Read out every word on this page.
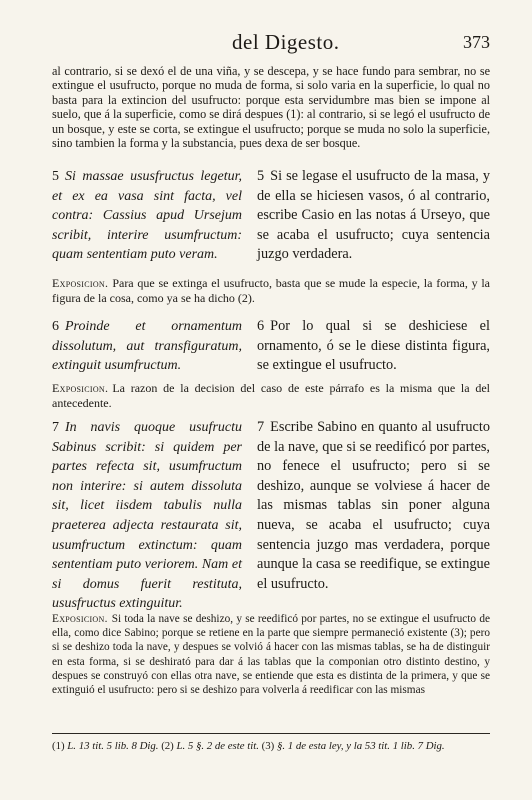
del Digesto.	373
al contrario, si se dexó el de una viña, y se descepa, y se hace fundo para sembrar, no se extingue el usufructo, porque no muda de forma, si solo varia en la superficie, lo qual no basta para la extincion del usufructo: porque esta servidumbre mas bien se impone al suelo, que á la superficie, como se dirá despues (1): al contrario, si se legó el usufructo de un bosque, y este se corta, se extingue el usufructo; porque se muda no solo la superficie, sino tambien la forma y la substancia, pues dexa de ser bosque.
5 Si massae ususfructus legetur, et ex ea vasa sint facta, vel contra: Cassius apud Ursejum scribit, interire usumfructum: quam sententiam puto veram.
5 Si se legase el usufructo de la masa, y de ella se hiciesen vasos, ó al contrario, escribe Casio en las notas á Urseyo, que se acaba el usufructo; cuya sentencia juzgo verdadera.
Exposicion. Para que se extinga el usufructo, basta que se mude la especie, la forma, y la figura de la cosa, como ya se ha dicho (2).
6 Proinde et ornamentum dissolutum, aut transfiguratum, extinguit usumfructum.
6 Por lo qual si se deshiciese el ornamento, ó se le diese distinta figura, se extingue el usufructo.
Exposicion. La razon de la decision del caso de este párrafo es la misma que la del antecedente.
7 In navis quoque usufructu Sabinus scribit: si quidem per partes refecta sit, usumfructum non interire: si autem dissoluta sit, licet iisdem tabulis nulla praeterea adjecta restaurata sit, usumfructum extinctum: quam sententiam puto veriorem. Nam et si domus fuerit restituta, ususfructus extinguitur.
7 Escribe Sabino en quanto al usufructo de la nave, que si se reedificó por partes, no fenece el usufructo; pero si se deshizo, aunque se volviese á hacer de las mismas tablas sin poner alguna nueva, se acaba el usufructo; cuya sentencia juzgo mas verdadera, porque aunque la casa se reedifique, se extingue el usufructo.
Exposicion. Si toda la nave se deshizo, y se reedificó por partes, no se extingue el usufructo de ella, como dice Sabino; porque se retiene en la parte que siempre permaneció existente (3); pero si se deshizo toda la nave, y despues se volvió á hacer con las mismas tablas, se ha de distinguir en esta forma, si se deshirató para dar á las tablas que la componian otro distinto destino, y despues se construyó con ellas otra nave, se entiende que esta es distinta de la primera, y que se extinguió el usufructo: pero si se deshizo para volverla á reedificar con las mismas
(1) L. 13 tit. 5 lib. 8 Dig. (2) L. 5 §. 2 de este tit. (3) §. 1 de esta ley, y la 53 tit. 1 lib. 7 Dig.
